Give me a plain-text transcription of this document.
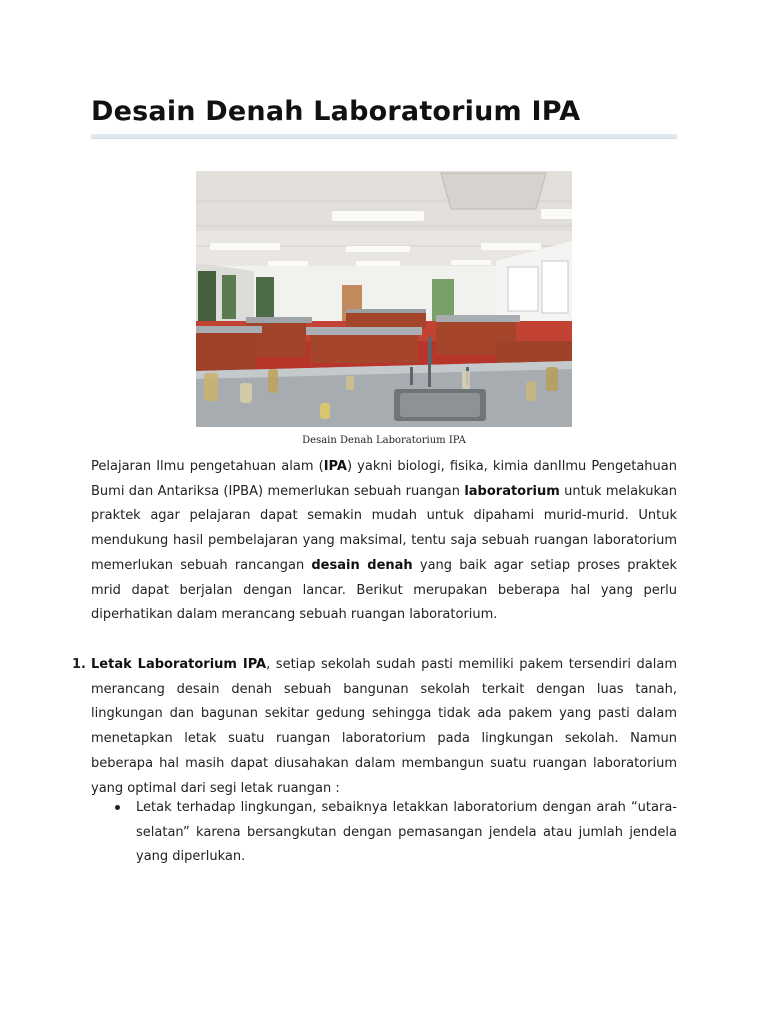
Desain Denah Laboratorium IPA
Desain Denah Laboratorium IPA

Pelajaran Ilmu pengetahuan alam (IPA) yakni biologi, fisika, kimia danIlmu Pengetahuan Bumi dan Antariksa (IPBA) memerlukan sebuah ruangan laboratorium untuk melakukan praktek agar pelajaran dapat semakin mudah untuk dipahami murid-murid. Untuk mendukung hasil pembelajaran yang maksimal, tentu saja sebuah ruangan laboratorium memerlukan sebuah rancangan desain denah yang baik agar setiap proses praktek mrid dapat berjalan dengan lancar. Berikut merupakan beberapa hal yang perlu diperhatikan dalam merancang sebuah ruangan laboratorium.

1. Letak Laboratorium IPA, setiap sekolah sudah pasti memiliki pakem tersendiri dalam merancang desain denah sebuah bangunan sekolah terkait dengan luas tanah, lingkungan dan bagunan sekitar gedung sehingga tidak ada pakem yang pasti dalam menetapkan letak suatu ruangan laboratorium pada lingkungan sekolah. Namun beberapa hal masih dapat diusahakan dalam membangun suatu ruangan laboratorium yang optimal dari segi letak ruangan :
Letak terhadap lingkungan, sebaiknya letakkan laboratorium dengan arah “utara-selatan” karena bersangkutan dengan pemasangan jendela atau jumlah jendela yang diperlukan.
